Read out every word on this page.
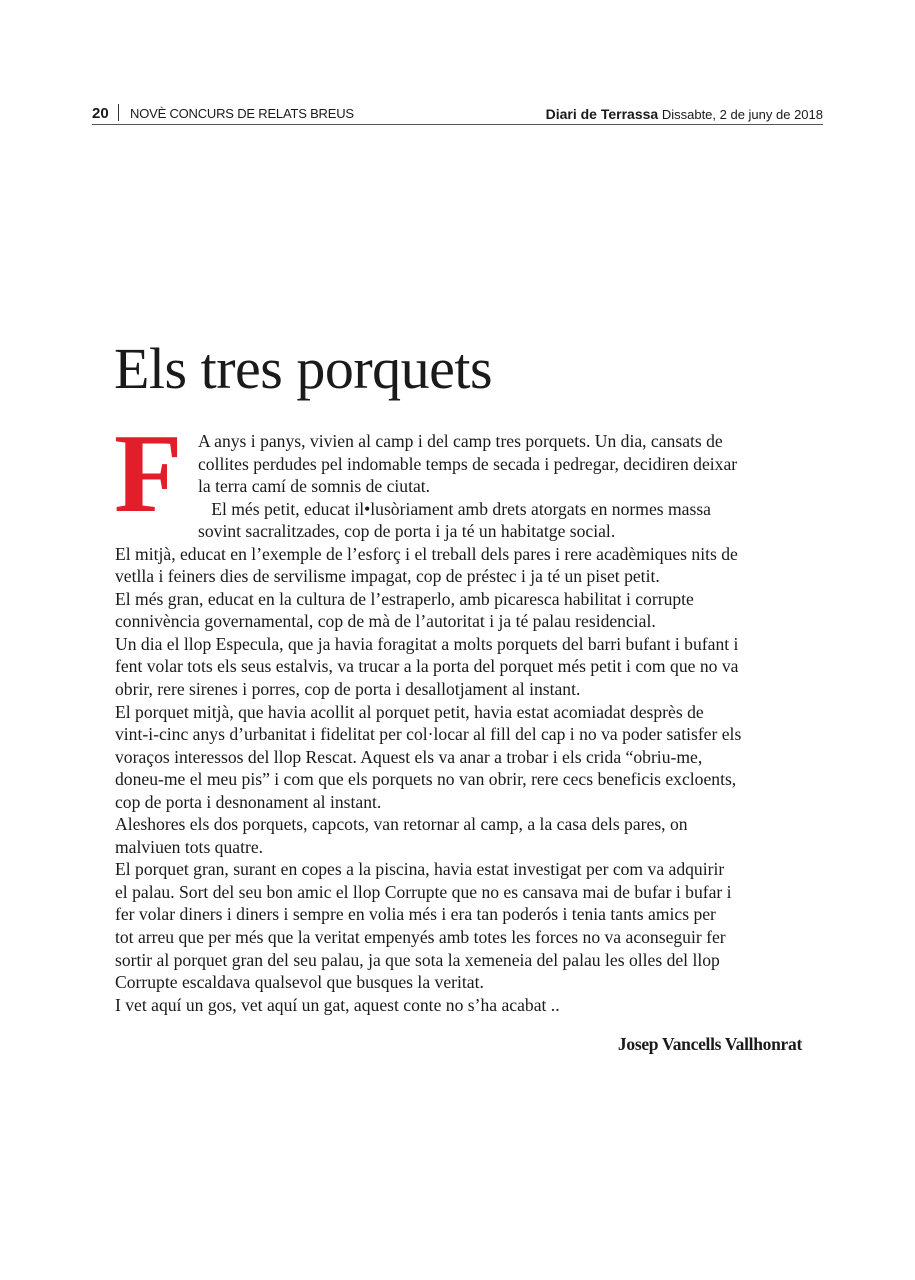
20 NOVÈ CONCURS DE RELATS BREUS	Diari de Terrassa Dissabte, 2 de juny de 2018
Els tres porquets
F A anys i panys, vivien al camp i del camp tres porquets. Un dia, cansats de
collites perdudes pel indomable temps de secada i pedregar, decidiren deixar
la terra camí de somnis de ciutat.
El més petit, educat il•lusòriament amb drets atorgats en normes massa
sovint sacralitzades, cop de porta i ja té un habitatge social.
El mitjà, educat en l’exemple de l’esforç i el treball dels pares i rere acadèmiques nits de
vetlla i feiners dies de servilisme impagat, cop de préstec i ja té un piset petit.
El més gran, educat en la cultura de l’estraperlo, amb picaresca habilitat i corrupte
connivència governamental, cop de mà de l’autoritat i ja té palau residencial.
Un dia el llop Especula, que ja havia foragitat a molts porquets del barri bufant i bufant i
fent volar tots els seus estalvis, va trucar a la porta del porquet més petit i com que no va
obrir, rere sirenes i porres, cop de porta i desallotjament al instant.
El porquet mitjà, que havia acollit al porquet petit, havia estat acomiadat desprès de
vint-i-cinc anys d’urbanitat i fidelitat per col·locar al fill del cap i no va poder satisfer els
voraços interessos del llop Rescat. Aquest els va anar a trobar i els crida “obriu-me,
doneu-me el meu pis” i com que els porquets no van obrir, rere cecs beneficis excloents,
cop de porta i desnonament al instant.
Aleshores els dos porquets, capcots, van retornar al camp, a la casa dels pares, on
malviuen tots quatre.
El porquet gran, surant en copes a la piscina, havia estat investigat per com va adquirir
el palau. Sort del seu bon amic el llop Corrupte que no es cansava mai de bufar i bufar i
fer volar diners i diners i sempre en volia més i era tan poderós i tenia tants amics per
tot arreu que per més que la veritat empenyés amb totes les forces no va aconseguir fer
sortir al porquet gran del seu palau, ja que sota la xemeneia del palau les olles del llop
Corrupte escaldava qualsevol que busques la veritat.
I vet aquí un gos, vet aquí un gat, aquest conte no s’ha acabat ..
Josep Vancells Vallhonrat
